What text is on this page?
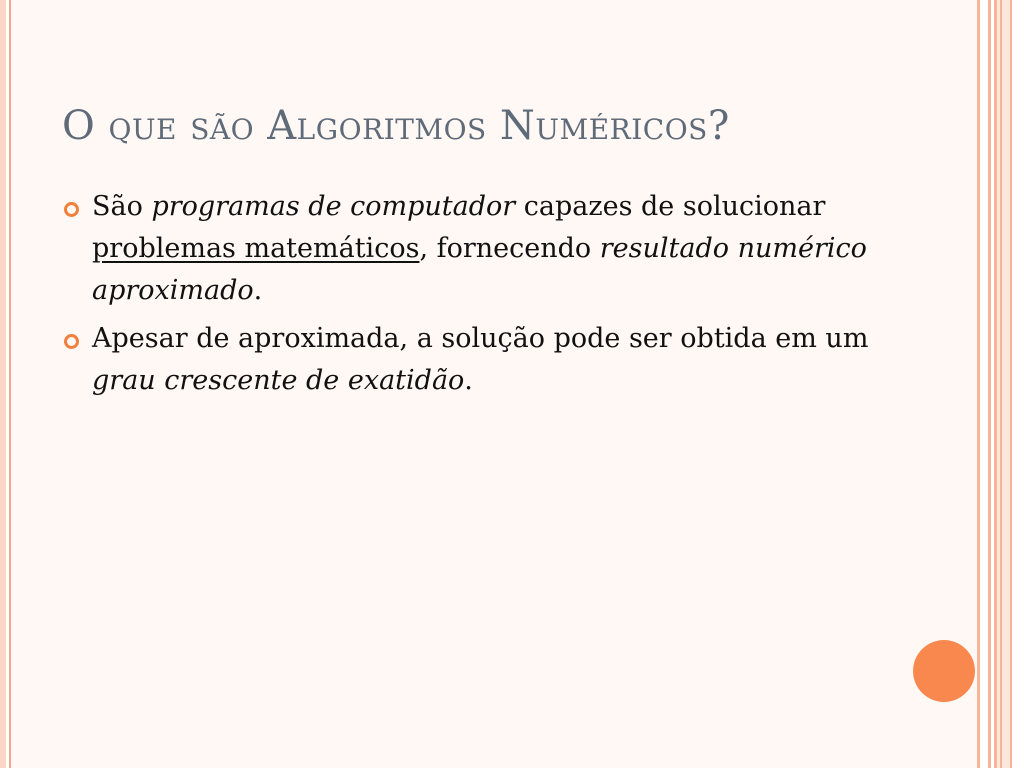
O que são Algoritmos Numéricos?
São programas de computador capazes de solucionar problemas matemáticos, fornecendo resultado numérico aproximado.
Apesar de aproximada, a solução pode ser obtida em um grau crescente de exatidão.
